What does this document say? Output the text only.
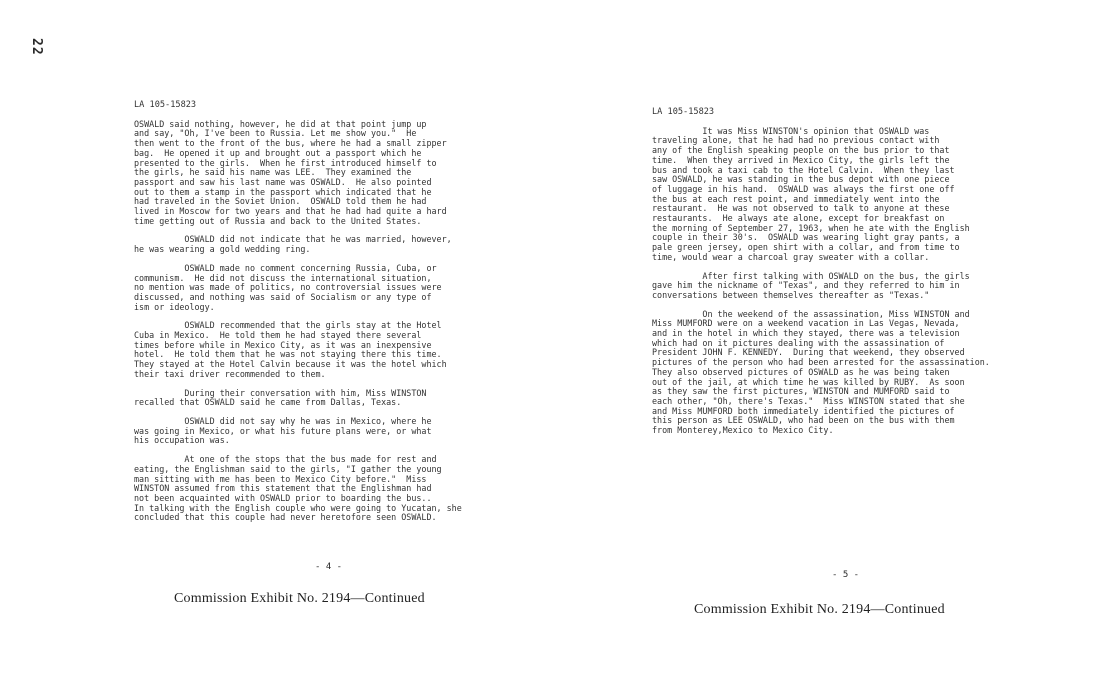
22
LA 105-15823

OSWALD said nothing, however, he did at that point jump up
and say, "Oh, I've been to Russia. Let me show you."  He
then went to the front of the bus, where he had a small zipper
bag.  He opened it up and brought out a passport which he
presented to the girls.  When he first introduced himself to
the girls, he said his name was LEE.  They examined the
passport and saw his last name was OSWALD.  He also pointed
out to them a stamp in the passport which indicated that he
had traveled in the Soviet Union.  OSWALD told them he had
lived in Moscow for two years and that he had had quite a hard
time getting out of Russia and back to the United States.

OSWALD did not indicate that he was married, however,
he was wearing a gold wedding ring.

OSWALD made no comment concerning Russia, Cuba, or
communism.  He did not discuss the international situation,
no mention was made of politics, no controversial issues were
discussed, and nothing was said of Socialism or any type of
ism or ideology.

OSWALD recommended that the girls stay at the Hotel
Cuba in Mexico.  He told them he had stayed there several
times before while in Mexico City, as it was an inexpensive
hotel.  He told them that he was not staying there this time.
They stayed at the Hotel Calvin because it was the hotel which
their taxi driver recommended to them.

During their conversation with him, Miss WINSTON
recalled that OSWALD said he came from Dallas, Texas.

OSWALD did not say why he was in Mexico, where he
was going in Mexico, or what his future plans were, or what
his occupation was.

At one of the stops that the bus made for rest and
eating, the Englishman said to the girls, "I gather the young
man sitting with me has been to Mexico City before."  Miss
WINSTON assumed from this statement that the Englishman had
not been acquainted with OSWALD prior to boarding the bus..
In talking with the English couple who were going to Yucatan, she
concluded that this couple had never heretofore seen OSWALD.

- 4 -
Commission Exhibit No. 2194—Continued
LA 105-15823

It was Miss WINSTON's opinion that OSWALD was
traveling alone, that he had had no previous contact with
any of the English speaking people on the bus prior to that
time.  When they arrived in Mexico City, the girls left the
bus and took a taxi cab to the Hotel Calvin.  When they last
saw OSWALD, he was standing in the bus depot with one piece
of luggage in his hand.  OSWALD was always the first one off
the bus at each rest point, and immediately went into the
restaurant.  He was not observed to talk to anyone at these
restaurants.  He always ate alone, except for breakfast on
the morning of September 27, 1963, when he ate with the English
couple in their 30's.  OSWALD was wearing light gray pants, a
pale green jersey, open shirt with a collar, and from time to
time, would wear a charcoal gray sweater with a collar.

After first talking with OSWALD on the bus, the girls
gave him the nickname of "Texas", and they referred to him in
conversations between themselves thereafter as "Texas."

On the weekend of the assassination, Miss WINSTON and
Miss MUMFORD were on a weekend vacation in Las Vegas, Nevada,
and in the hotel in which they stayed, there was a television
which had on it pictures dealing with the assassination of
President JOHN F. KENNEDY.  During that weekend, they observed
pictures of the person who had been arrested for the assassination.
They also observed pictures of OSWALD as he was being taken
out of the jail, at which time he was killed by RUBY.  As soon
as they saw the first pictures, WINSTON and MUMFORD said to
each other, "Oh, there's Texas."  Miss WINSTON stated that she
and Miss MUMFORD both immediately identified the pictures of
this person as LEE OSWALD, who had been on the bus with them
from Monterey,Mexico to Mexico City.

- 5 -
Commission Exhibit No. 2194—Continued
